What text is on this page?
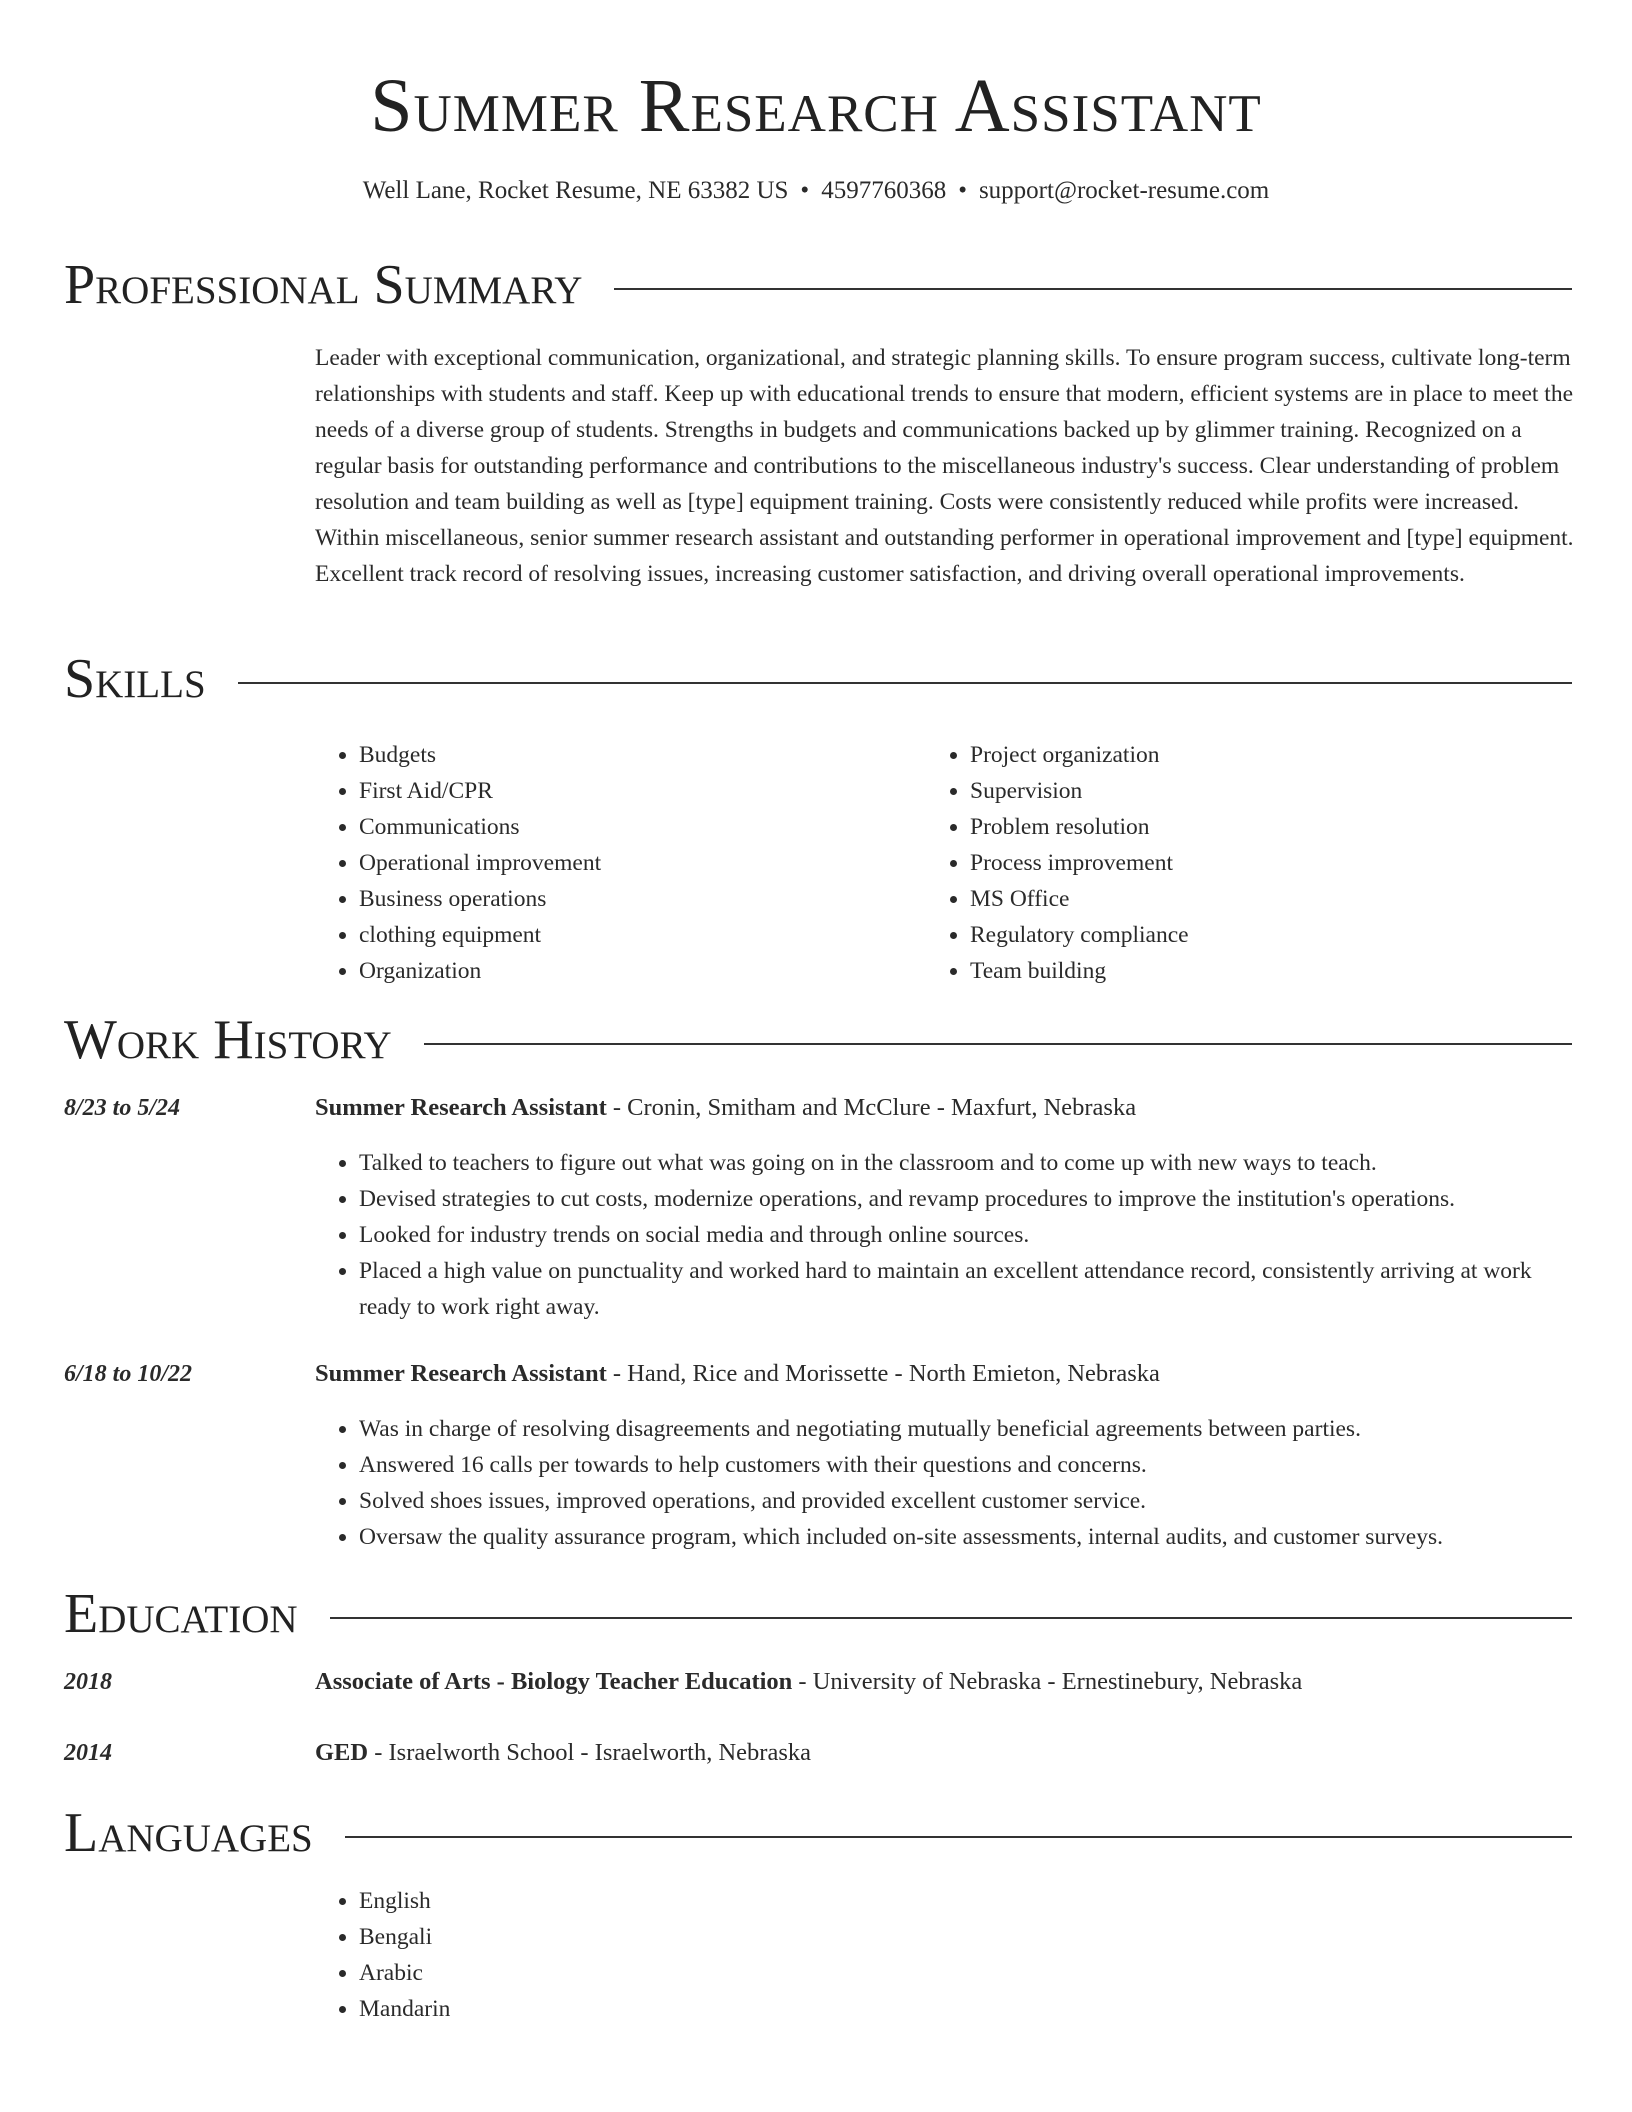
Summer Research Assistant
Well Lane, Rocket Resume, NE 63382 US • 4597760368 • support@rocket-resume.com
Professional Summary

Leader with exceptional communication, organizational, and strategic planning skills. To ensure program success, cultivate long-term relationships with students and staff. Keep up with educational trends to ensure that modern, efficient systems are in place to meet the needs of a diverse group of students. Strengths in budgets and communications backed up by glimmer training. Recognized on a regular basis for outstanding performance and contributions to the miscellaneous industry's success. Clear understanding of problem resolution and team building as well as [type] equipment training. Costs were consistently reduced while profits were increased. Within miscellaneous, senior summer research assistant and outstanding performer in operational improvement and [type] equipment. Excellent track record of resolving issues, increasing customer satisfaction, and driving overall operational improvements.

Skills
• Budgets
• First Aid/CPR
• Communications
• Operational improvement
• Business operations
• clothing equipment
• Organization
• Project organization
• Supervision
• Problem resolution
• Process improvement
• MS Office
• Regulatory compliance
• Team building
Work History
8/23 to 5/24	Summer Research Assistant - Cronin, Smitham and McClure - Maxfurt, Nebraska
• Talked to teachers to figure out what was going on in the classroom and to come up with new ways to teach.
• Devised strategies to cut costs, modernize operations, and revamp procedures to improve the institution's operations.
• Looked for industry trends on social media and through online sources.
• Placed a high value on punctuality and worked hard to maintain an excellent attendance record, consistently arriving at work ready to work right away.
6/18 to 10/22	Summer Research Assistant - Hand, Rice and Morissette - North Emieton, Nebraska
• Was in charge of resolving disagreements and negotiating mutually beneficial agreements between parties.
• Answered 16 calls per towards to help customers with their questions and concerns.
• Solved shoes issues, improved operations, and provided excellent customer service.
• Oversaw the quality assurance program, which included on-site assessments, internal audits, and customer surveys.
Education
2018	Associate of Arts - Biology Teacher Education - University of Nebraska - Ernestinebury, Nebraska
2014	GED - Israelworth School - Israelworth, Nebraska
Languages
• English
• Bengali
• Arabic
• Mandarin
